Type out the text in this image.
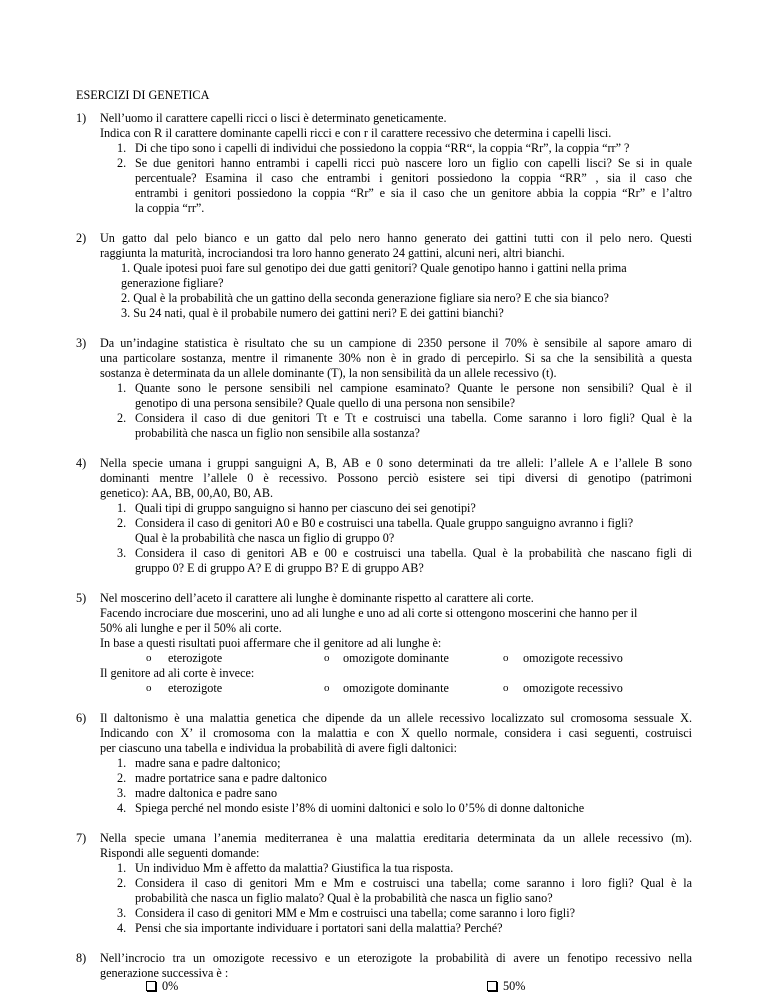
ESERCIZI DI GENETICA
1) Nell’uomo il carattere capelli ricci o lisci è determinato geneticamente.
Indica con R il carattere dominante capelli ricci e con r il carattere recessivo che determina i capelli lisci.
1. Di che tipo sono i capelli di individui che possiedono la coppia “RR“, la coppia “Rr”, la coppia “rr” ?
2. Se due genitori hanno entrambi i capelli ricci può nascere loro un figlio con capelli lisci? Se si in quale
percentuale? Esamina il caso che entrambi i genitori possiedono la coppia “RR” , sia il caso che
entrambi i genitori possiedono la coppia “Rr” e sia il caso che un genitore abbia la coppia “Rr” e l’altro
la coppia “rr”.
2) Un gatto dal pelo bianco e un gatto dal pelo nero hanno generato dei gattini tutti con il pelo nero. Questi
raggiunta la maturità, incrociandosi tra loro hanno generato 24 gattini, alcuni neri, altri bianchi.
1. Quale ipotesi puoi fare sul genotipo dei due gatti genitori? Quale genotipo hanno i gattini nella prima
generazione figliare?
2. Qual è la probabilità che un gattino della seconda generazione figliare sia nero? E che sia bianco?
3. Su 24 nati, qual è il probabile numero dei gattini neri? E dei gattini bianchi?
3) Da un’indagine statistica è risultato che su un campione di 2350 persone il 70% è sensibile al sapore amaro di
una particolare sostanza, mentre il rimanente 30% non è in grado di percepirlo. Si sa che la sensibilità a questa
sostanza è determinata da un allele dominante (T), la non sensibilità da un allele recessivo (t).
1. Quante sono le persone sensibili nel campione esaminato? Quante le persone non sensibili? Qual è il
genotipo di una persona sensibile? Quale quello di una persona non sensibile?
2. Considera il caso di due genitori Tt e Tt e costruisci una tabella. Come saranno i loro figli? Qual è la
probabilità che nasca un figlio non sensibile alla sostanza?
4) Nella specie umana i gruppi sanguigni A, B, AB e 0 sono determinati da tre alleli: l’allele A e l’allele B sono
dominanti mentre l’allele 0 è recessivo. Possono perciò esistere sei tipi diversi di genotipo (patrimoni
genetico): AA, BB, 00,A0, B0, AB.
1. Quali tipi di gruppo sanguigno si hanno per ciascuno dei sei genotipi?
2. Considera il caso di genitori A0 e B0 e costruisci una tabella. Quale gruppo sanguigno avranno i figli?
Qual è la probabilità che nasca un figlio di gruppo 0?
3. Considera il caso di genitori AB e 00 e costruisci una tabella. Qual è la probabilità che nascano figli di
gruppo 0? E di gruppo A? E di gruppo B? E di gruppo AB?
5) Nel moscerino dell’aceto il carattere ali lunghe è dominante rispetto al carattere ali corte.
Facendo incrociare due moscerini, uno ad ali lunghe e uno ad ali corte si ottengono moscerini che hanno per il
50% ali lunghe e per il 50% ali corte.
In base a questi risultati puoi affermare che il genitore ad ali lunghe è:
o eterozigote	o omozigote dominante	o omozigote recessivo
Il genitore ad ali corte è invece:
o eterozigote	o omozigote dominante	o omozigote recessivo
6) Il daltonismo è una malattia genetica che dipende da un allele recessivo localizzato sul cromosoma sessuale X.
Indicando con X’ il cromosoma con la malattia e con X quello normale, considera i casi seguenti, costruisci
per ciascuno una tabella e individua la probabilità di avere figli daltonici:
1. madre sana e padre daltonico;
2. madre portatrice sana e padre daltonico
3. madre daltonica e padre sano
4. Spiega perché nel mondo esiste l’8% di uomini daltonici e solo lo 0’5% di donne daltoniche
7) Nella specie umana l’anemia mediterranea è una malattia ereditaria determinata da un allele recessivo (m).
Rispondi alle seguenti domande:
1. Un individuo Mm è affetto da malattia? Giustifica la tua risposta.
2. Considera il caso di genitori Mm e Mm e costruisci una tabella; come saranno i loro figli? Qual è la
probabilità che nasca un figlio malato? Qual è la probabilità che nasca un figlio sano?
3. Considera il caso di genitori MM e Mm e costruisci una tabella; come saranno i loro figli?
4. Pensi che sia importante individuare i portatori sani della malattia? Perché?
8) Nell’incrocio tra un omozigote recessivo e un eterozigote la probabilità di avere un fenotipo recessivo nella
generazione successiva è :
0%	50%
